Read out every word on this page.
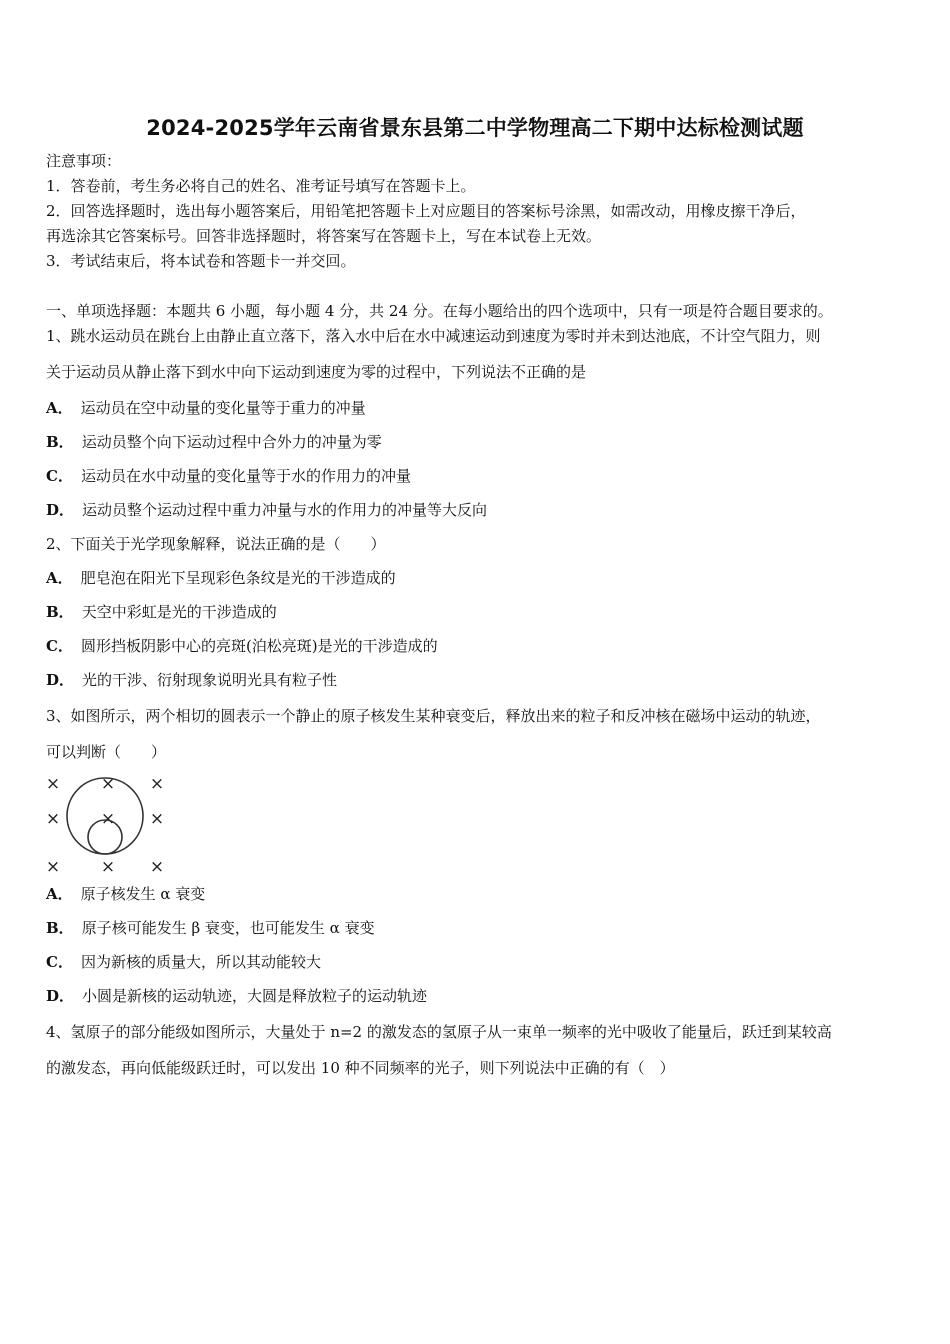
2024-2025学年云南省景东县第二中学物理高二下期中达标检测试题
注意事项：
1．答卷前，考生务必将自己的姓名、准考证号填写在答题卡上。
2．回答选择题时，选出每小题答案后，用铅笔把答题卡上对应题目的答案标号涂黑，如需改动，用橡皮擦干净后，
再选涂其它答案标号。回答非选择题时，将答案写在答题卡上，写在本试卷上无效。
3．考试结束后，将本试卷和答题卡一并交回。
一、单项选择题：本题共 6 小题，每小题 4 分，共 24 分。在每小题给出的四个选项中，只有一项是符合题目要求的。
1、跳水运动员在跳台上由静止直立落下，落入水中后在水中减速运动到速度为零时并未到达池底，不计空气阻力，则
关于运动员从静止落下到水中向下运动到速度为零的过程中，下列说法不正确的是
A． 运动员在空中动量的变化量等于重力的冲量
B． 运动员整个向下运动过程中合外力的冲量为零
C． 运动员在水中动量的变化量等于水的作用力的冲量
D． 运动员整个运动过程中重力冲量与水的作用力的冲量等大反向
2、下面关于光学现象解释，说法正确的是（　　）
A． 肥皂泡在阳光下呈现彩色条纹是光的干涉造成的
B． 天空中彩虹是光的干涉造成的
C． 圆形挡板阴影中心的亮斑(泊松亮斑)是光的干涉造成的
D． 光的干涉、衍射现象说明光具有粒子性
3、如图所示，两个相切的圆表示一个静止的原子核发生某种衰变后，释放出来的粒子和反冲核在磁场中运动的轨迹，
可以判断（　　）
× × ×
× × ×
× × ×
A． 原子核发生 α 衰变
B． 原子核可能发生 β 衰变，也可能发生 α 衰变
C． 因为新核的质量大，所以其动能较大
D． 小圆是新核的运动轨迹，大圆是释放粒子的运动轨迹
4、氢原子的部分能级如图所示，大量处于 n=2 的激发态的氢原子从一束单一频率的光中吸收了能量后，跃迁到某较高
的激发态，再向低能级跃迁时，可以发出 10 种不同频率的光子，则下列说法中正确的有（　）
